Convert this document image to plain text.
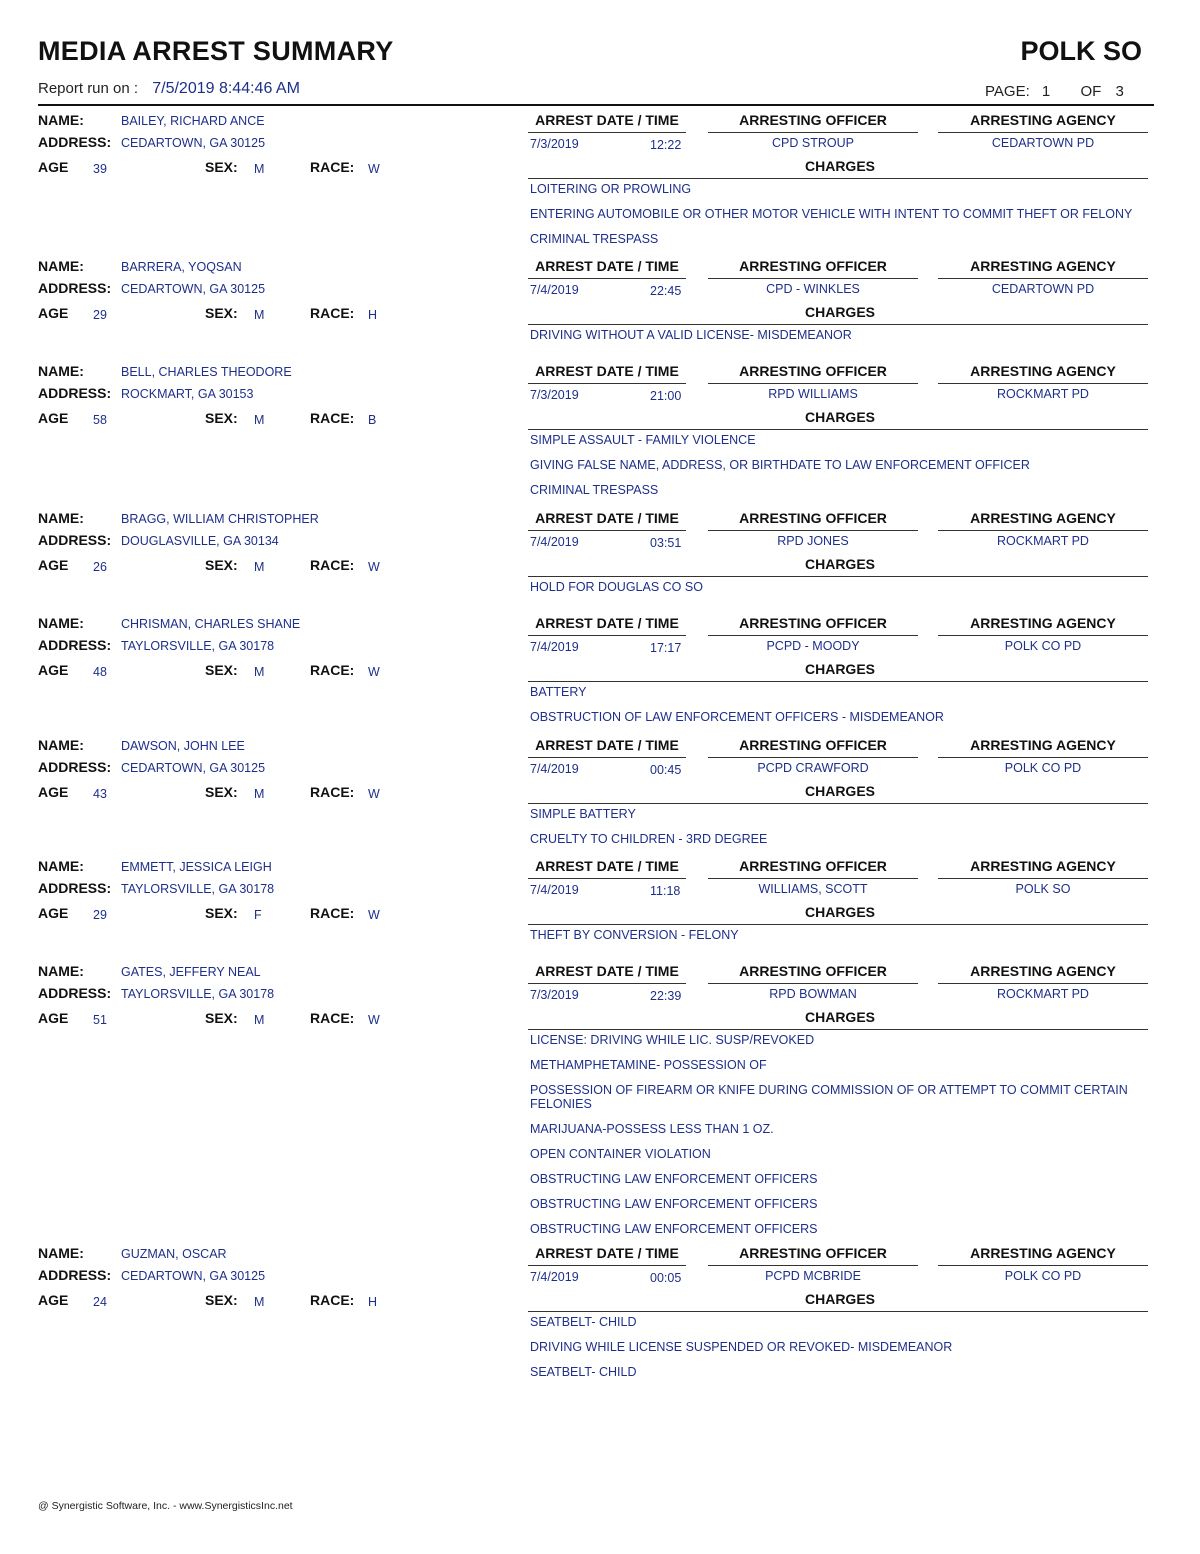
MEDIA ARREST SUMMARY	POLK SO
Report run on : 7/5/2019 8:44:46 AM	PAGE: 1 OF 3
NAME:	BAILEY, RICHARD ANCE
ADDRESS: CEDARTOWN, GA 30125
AGE 39	SEX: M	RACE: W
ARREST DATE / TIME	ARRESTING OFFICER	ARRESTING AGENCY
7/3/2019	12:22	CPD STROUP	CEDARTOWN PD
CHARGES
LOITERING OR PROWLING
ENTERING AUTOMOBILE OR OTHER MOTOR VEHICLE WITH INTENT TO COMMIT THEFT OR FELONY
CRIMINAL TRESPASS
NAME:	BARRERA, YOQSAN
ADDRESS: CEDARTOWN, GA 30125
AGE 29	SEX: M	RACE: H
ARREST DATE / TIME	ARRESTING OFFICER	ARRESTING AGENCY
7/4/2019	22:45	CPD - WINKLES	CEDARTOWN PD
CHARGES
DRIVING WITHOUT A VALID LICENSE- MISDEMEANOR
NAME:	BELL, CHARLES THEODORE
ADDRESS: ROCKMART, GA 30153
AGE 58	SEX: M	RACE: B
ARREST DATE / TIME	ARRESTING OFFICER	ARRESTING AGENCY
7/3/2019	21:00	RPD WILLIAMS	ROCKMART PD
CHARGES
SIMPLE ASSAULT - FAMILY VIOLENCE
GIVING FALSE NAME, ADDRESS, OR BIRTHDATE TO LAW ENFORCEMENT OFFICER
CRIMINAL TRESPASS
NAME:	BRAGG, WILLIAM CHRISTOPHER
ADDRESS: DOUGLASVILLE, GA 30134
AGE 26	SEX: M	RACE: W
ARREST DATE / TIME	ARRESTING OFFICER	ARRESTING AGENCY
7/4/2019	03:51	RPD JONES	ROCKMART PD
CHARGES
HOLD FOR DOUGLAS CO SO
NAME:	CHRISMAN, CHARLES SHANE
ADDRESS: TAYLORSVILLE, GA 30178
AGE 48	SEX: M	RACE: W
ARREST DATE / TIME	ARRESTING OFFICER	ARRESTING AGENCY
7/4/2019	17:17	PCPD - MOODY	POLK CO PD
CHARGES
BATTERY
OBSTRUCTION OF LAW ENFORCEMENT OFFICERS - MISDEMEANOR
NAME:	DAWSON, JOHN LEE
ADDRESS: CEDARTOWN, GA 30125
AGE 43	SEX: M	RACE: W
ARREST DATE / TIME	ARRESTING OFFICER	ARRESTING AGENCY
7/4/2019	00:45	PCPD CRAWFORD	POLK CO PD
CHARGES
SIMPLE BATTERY
CRUELTY TO CHILDREN - 3RD DEGREE
NAME:	EMMETT, JESSICA LEIGH
ADDRESS: TAYLORSVILLE, GA 30178
AGE 29	SEX: F	RACE: W
ARREST DATE / TIME	ARRESTING OFFICER	ARRESTING AGENCY
7/4/2019	11:18	WILLIAMS, SCOTT	POLK SO
CHARGES
THEFT BY CONVERSION - FELONY
NAME:	GATES, JEFFERY NEAL
ADDRESS: TAYLORSVILLE, GA 30178
AGE 51	SEX: M	RACE: W
ARREST DATE / TIME	ARRESTING OFFICER	ARRESTING AGENCY
7/3/2019	22:39	RPD BOWMAN	ROCKMART PD
CHARGES
LICENSE: DRIVING WHILE LIC. SUSP/REVOKED
METHAMPHETAMINE- POSSESSION OF
POSSESSION OF FIREARM OR KNIFE DURING COMMISSION OF OR ATTEMPT TO COMMIT CERTAIN FELONIES
MARIJUANA-POSSESS LESS THAN 1 OZ.
OPEN CONTAINER VIOLATION
OBSTRUCTING LAW ENFORCEMENT OFFICERS
OBSTRUCTING LAW ENFORCEMENT OFFICERS
OBSTRUCTING LAW ENFORCEMENT OFFICERS
NAME:	GUZMAN, OSCAR
ADDRESS: CEDARTOWN, GA 30125
AGE 24	SEX: M	RACE: H
ARREST DATE / TIME	ARRESTING OFFICER	ARRESTING AGENCY
7/4/2019	00:05	PCPD MCBRIDE	POLK CO PD
CHARGES
SEATBELT- CHILD
DRIVING WHILE LICENSE SUSPENDED OR REVOKED- MISDEMEANOR
SEATBELT- CHILD
@ Synergistic Software, Inc. - www.SynergisticsInc.net
